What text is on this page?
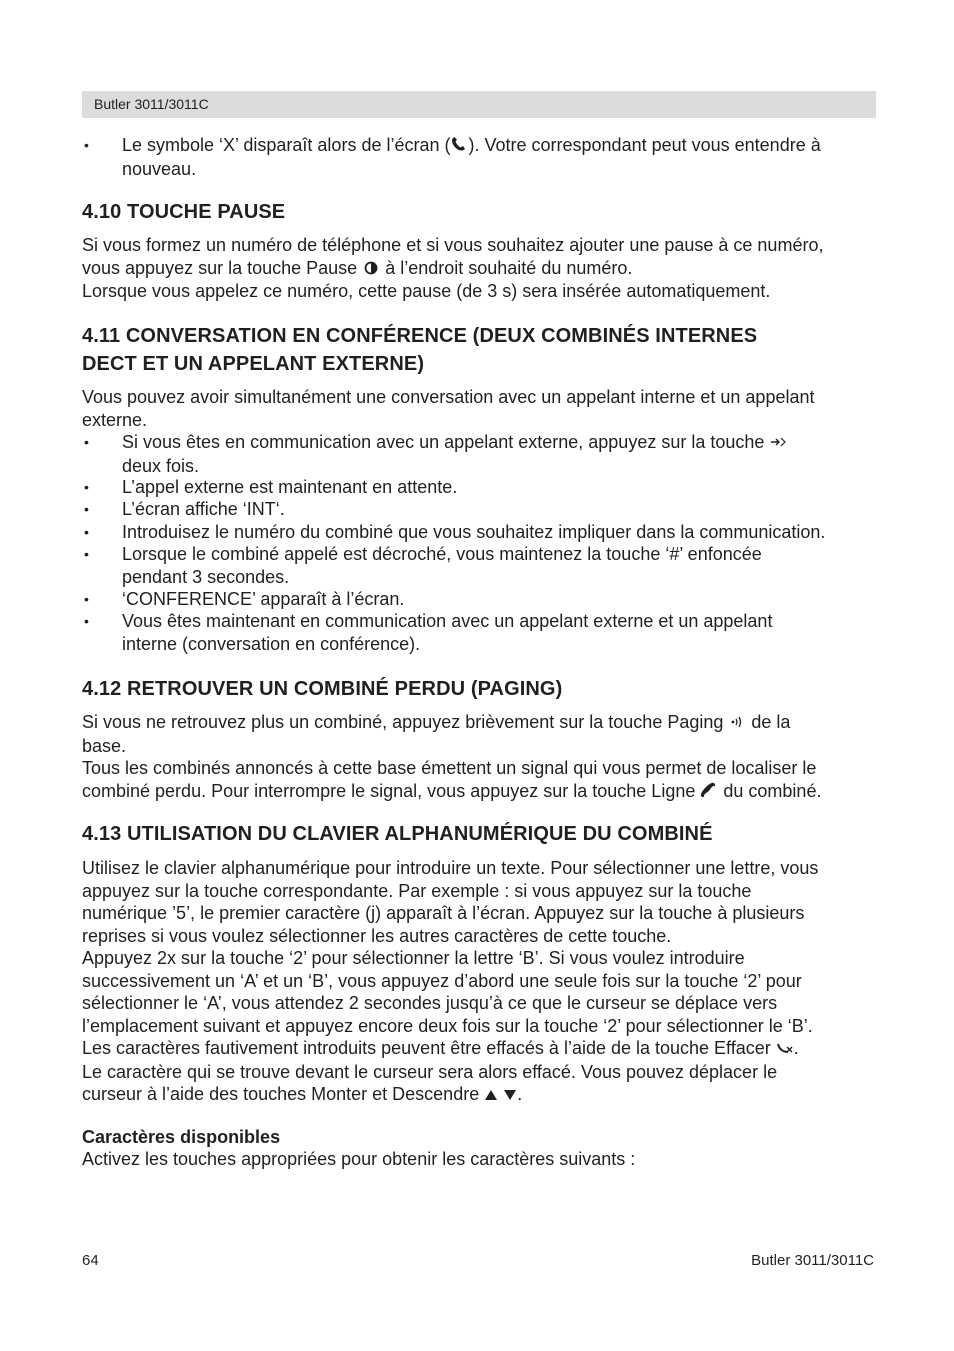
Butler 3011/3011C
• Le symbole ‘X’ disparaît alors de l’écran ( ). Votre correspondant peut vous entendre à
nouveau.
4.10 TOUCHE PAUSE
Si vous formez un numéro de téléphone et si vous souhaitez ajouter une pause à ce numéro,
vous appuyez sur la touche Pause à l’endroit souhaité du numéro.
Lorsque vous appelez ce numéro, cette pause (de 3 s) sera insérée automatiquement.
4.11 CONVERSATION EN CONFÉRENCE (DEUX COMBINÉS INTERNES
DECT ET UN APPELANT EXTERNE)
Vous pouvez avoir simultanément une conversation avec un appelant interne et un appelant
externe.
• Si vous êtes en communication avec un appelant externe, appuyez sur la touche
deux fois.
• L’appel externe est maintenant en attente.
• L’écran affiche ‘INT‘.
• Introduisez le numéro du combiné que vous souhaitez impliquer dans la communication.
• Lorsque le combiné appelé est décroché, vous maintenez la touche ‘#’ enfoncée
pendant 3 secondes.
• ‘CONFERENCE’ apparaît à l’écran.
• Vous êtes maintenant en communication avec un appelant externe et un appelant
interne (conversation en conférence).
4.12 RETROUVER UN COMBINÉ PERDU (PAGING)
Si vous ne retrouvez plus un combiné, appuyez brièvement sur la touche Paging de la
base.
Tous les combinés annoncés à cette base émettent un signal qui vous permet de localiser le
combiné perdu. Pour interrompre le signal, vous appuyez sur la touche Ligne du combiné.
4.13 UTILISATION DU CLAVIER ALPHANUMÉRIQUE DU COMBINÉ
Utilisez le clavier alphanumérique pour introduire un texte. Pour sélectionner une lettre, vous
appuyez sur la touche correspondante. Par exemple : si vous appuyez sur la touche
numérique ’5’, le premier caractère (j) apparaît à l’écran. Appuyez sur la touche à plusieurs
reprises si vous voulez sélectionner les autres caractères de cette touche.
Appuyez 2x sur la touche ‘2’ pour sélectionner la lettre ‘B’. Si vous voulez introduire
successivement un ‘A’ et un ‘B’, vous appuyez d’abord une seule fois sur la touche ‘2’ pour
sélectionner le ‘A’, vous attendez 2 secondes jusqu’à ce que le curseur se déplace vers
l’emplacement suivant et appuyez encore deux fois sur la touche ‘2’ pour sélectionner le ‘B’.
Les caractères fautivement introduits peuvent être effacés à l’aide de la touche Effacer .
Le caractère qui se trouve devant le curseur sera alors effacé. Vous pouvez déplacer le
curseur à l’aide des touches Monter et Descendre .
Caractères disponibles
Activez les touches appropriées pour obtenir les caractères suivants :
64	Butler 3011/3011C
